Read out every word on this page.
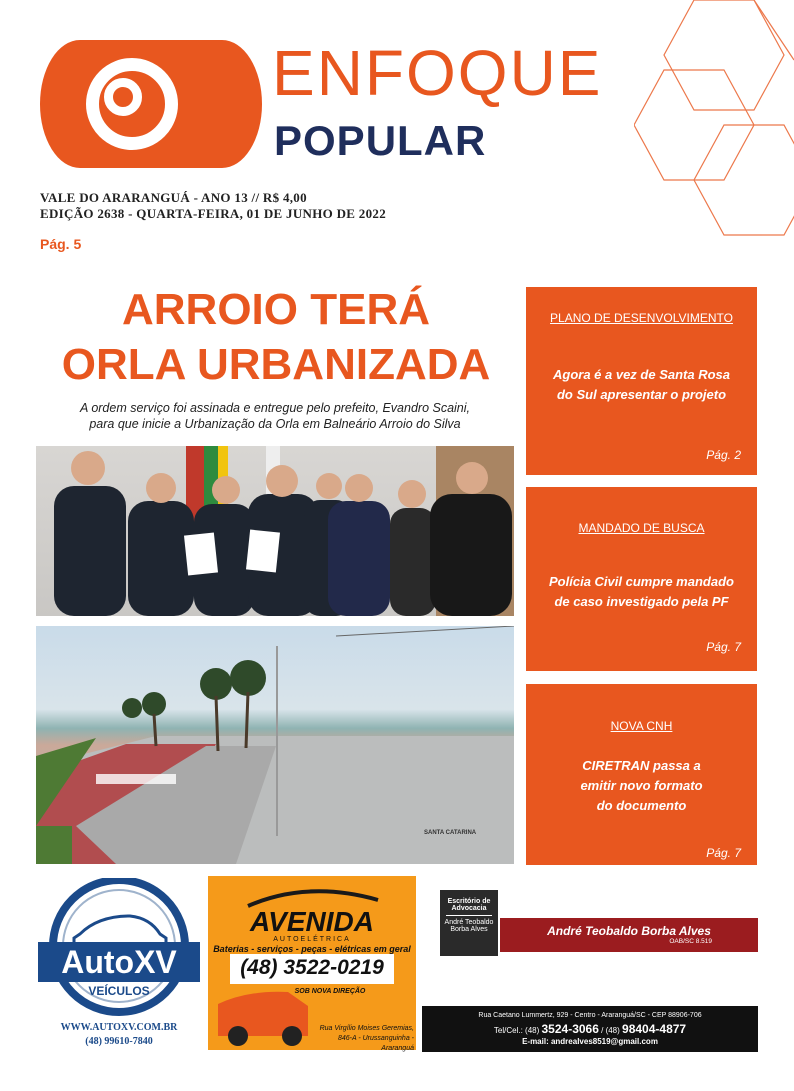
ENFOQUE
POPULAR
VALE DO ARARANGUÁ - ANO 13 // R$ 4,00
EDIÇÃO 2638 - QUARTA-FEIRA, 01 DE JUNHO DE 2022
Pág. 5
ARROIO TERÁ
ORLA URBANIZADA
A ordem serviço foi assinada e entregue pelo prefeito, Evandro Scaini,
para que inicie a Urbanização da Orla em Balneário Arroio do Silva
SANTA CATARINA
PLANO DE DESENVOLVIMENTO
Agora é a vez de Santa Rosa
do Sul apresentar o projeto
Pág. 2
MANDADO DE BUSCA
Polícia Civil cumpre mandado
de caso investigado pela PF
Pág. 7
NOVA CNH
CIRETRAN passa a
emitir novo formato
do documento
Pág. 7
AutoXV
VEÍCULOS
WWW.AUTOXV.COM.BR
(48) 99610-7840
AVENIDA
AUTOELÉTRICA
Baterias - serviços - peças - elétricas em geral
(48) 3522-0219
SOB NOVA DIREÇÃO
Rua Virgílio Moises Geremias,
846-A - Urussanguinha - Araranguá
Escritório de
Advocacia
André Teobaldo
Borba Alves	André Teobaldo Borba Alves
OAB/SC 8.519
Rua Caetano Lummertz, 929 - Centro - Araranguá/SC - CEP 88906-706
Tel/Cel.: (48) 3524-3066 / (48) 98404-4877
E-mail: andrealves8519@gmail.com
